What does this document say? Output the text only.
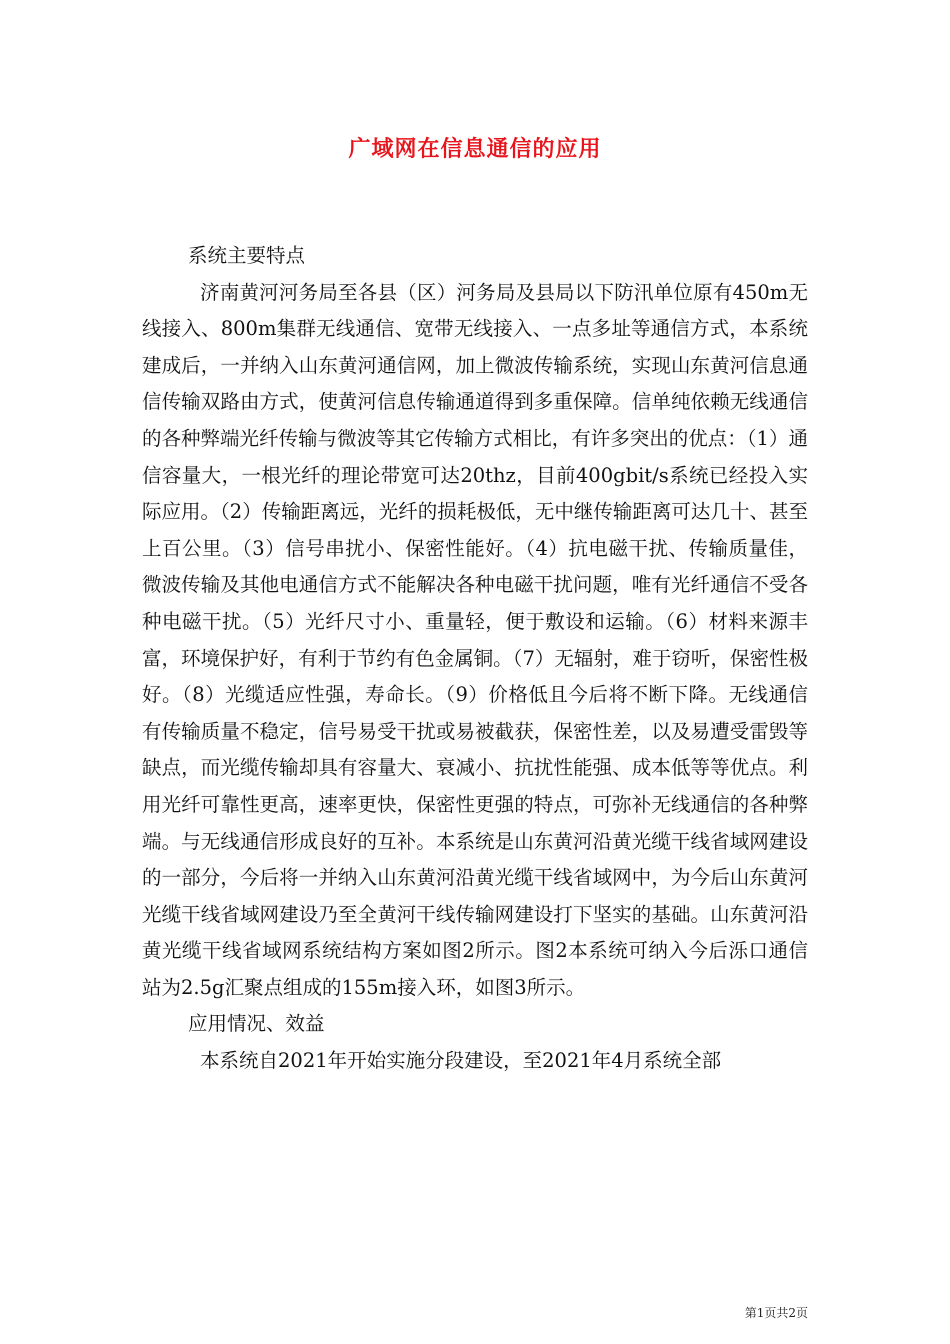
广域网在信息通信的应用

系统主要特点

济南黄河河务局至各县（区）河务局及县局以下防汛单位原有450m无线接入、800m集群无线通信、宽带无线接入、一点多址等通信方式，本系统建成后，一并纳入山东黄河通信网，加上微波传输系统，实现山东黄河信息通信传输双路由方式，使黄河信息传输通道得到多重保障。信单纯依赖无线通信的各种弊端光纤传输与微波等其它传输方式相比，有许多突出的优点：（1）通信容量大，一根光纤的理论带宽可达20thz，目前400gbit/s系统已经投入实际应用。（2）传输距离远，光纤的损耗极低，无中继传输距离可达几十、甚至上百公里。（3）信号串扰小、保密性能好。（4）抗电磁干扰、传输质量佳，微波传输及其他电通信方式不能解决各种电磁干扰问题，唯有光纤通信不受各种电磁干扰。（5）光纤尺寸小、重量轻，便于敷设和运输。（6）材料来源丰富，环境保护好，有利于节约有色金属铜。（7）无辐射，难于窃听，保密性极好。（8）光缆适应性强，寿命长。（9）价格低且今后将不断下降。无线通信有传输质量不稳定，信号易受干扰或易被截获，保密性差，以及易遭受雷毁等缺点，而光缆传输却具有容量大、衰减小、抗扰性能强、成本低等等优点。利用光纤可靠性更高，速率更快，保密性更强的特点，可弥补无线通信的各种弊端。与无线通信形成良好的互补。本系统是山东黄河沿黄光缆干线省域网建设的一部分，今后将一并纳入山东黄河沿黄光缆干线省域网中，为今后山东黄河光缆干线省域网建设乃至全黄河干线传输网建设打下坚实的基础。山东黄河沿黄光缆干线省域网系统结构方案如图2所示。图2本系统可纳入今后泺口通信站为2.5g汇聚点组成的155m接入环，如图3所示。

应用情况、效益

本系统自2021年开始实施分段建设，至2021年4月系统全部

第1页共2页
